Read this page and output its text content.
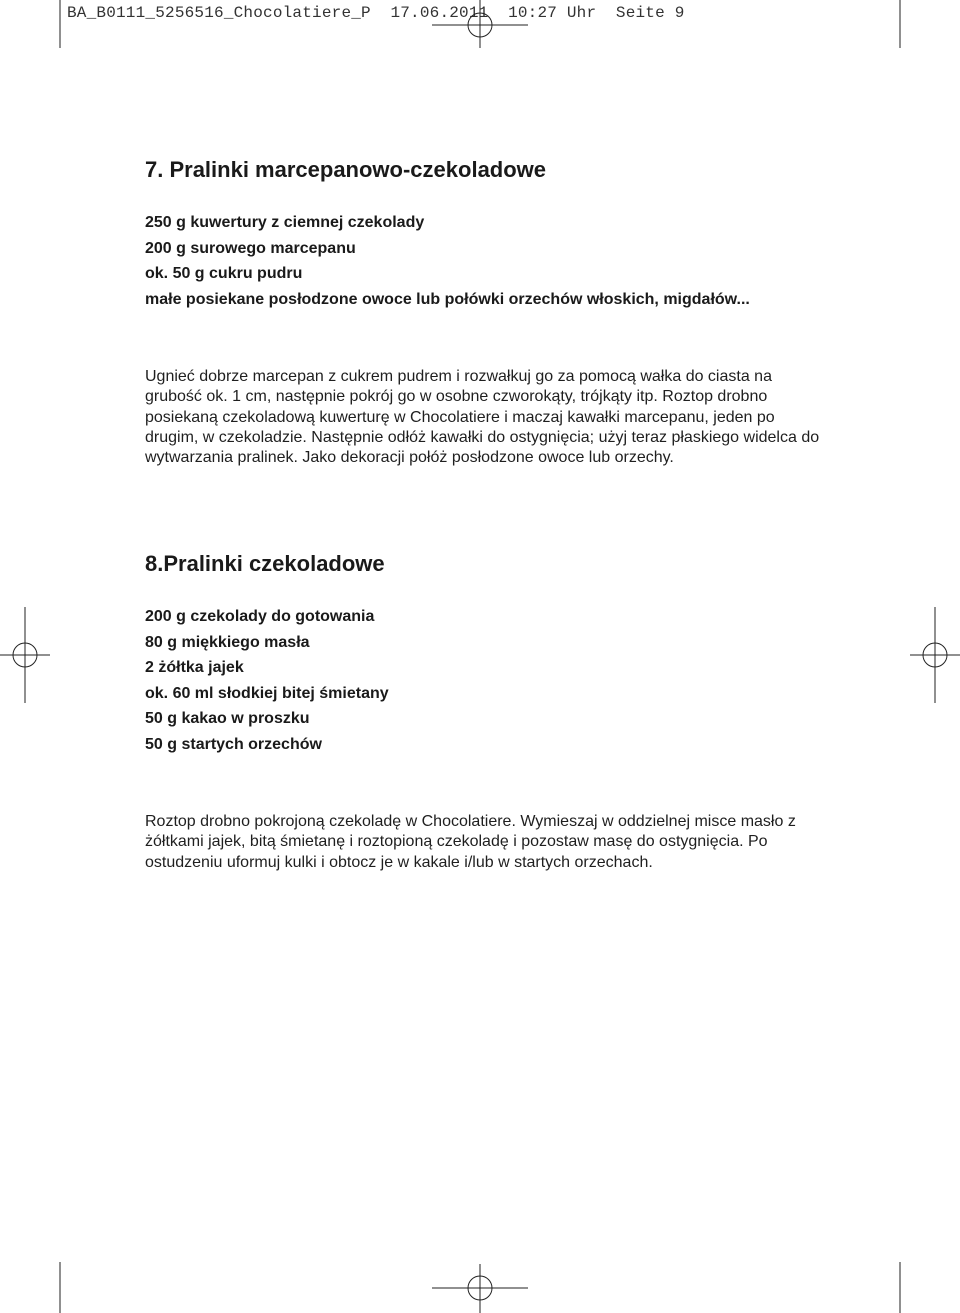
BA_B0111_5256516_Chocolatiere_P  17.06.2011  10:27 Uhr  Seite 9
7. Pralinki marcepanowo-czekoladowe
250 g kuwertury z ciemnej czekolady
200 g surowego marcepanu
ok. 50 g cukru pudru
małe posiekane posłodzone owoce lub połówki orzechów włoskich, migdałów...

Ugnieć dobrze marcepan z cukrem pudrem i rozwałkuj go za pomocą wałka do ciasta na grubość ok. 1 cm, następnie pokrój go w osobne czworokąty, trójkąty itp. Roztop drobno posiekaną czekoladową kuwerturę w Chocolatiere i maczaj kawałki marcepanu, jeden po drugim, w czekoladzie. Następnie odłóż kawałki do ostygnięcia; użyj teraz płaskiego widelca do wytwarzania pralinek. Jako dekoracji połóż posłodzone owoce lub orzechy.

8.Pralinki czekoladowe
200 g czekolady do gotowania
80 g miękkiego masła
2 żółtka jajek
ok. 60 ml słodkiej bitej śmietany
50 g kakao w proszku
50 g startych orzechów

Roztop drobno pokrojoną czekoladę w Chocolatiere. Wymieszaj w oddzielnej misce masło z żółtkami jajek, bitą śmietanę i roztopioną czekoladę i pozostaw masę do ostygnięcia. Po ostudzeniu uformuj kulki i obtocz je w kakale i/lub w startych orzechach.
